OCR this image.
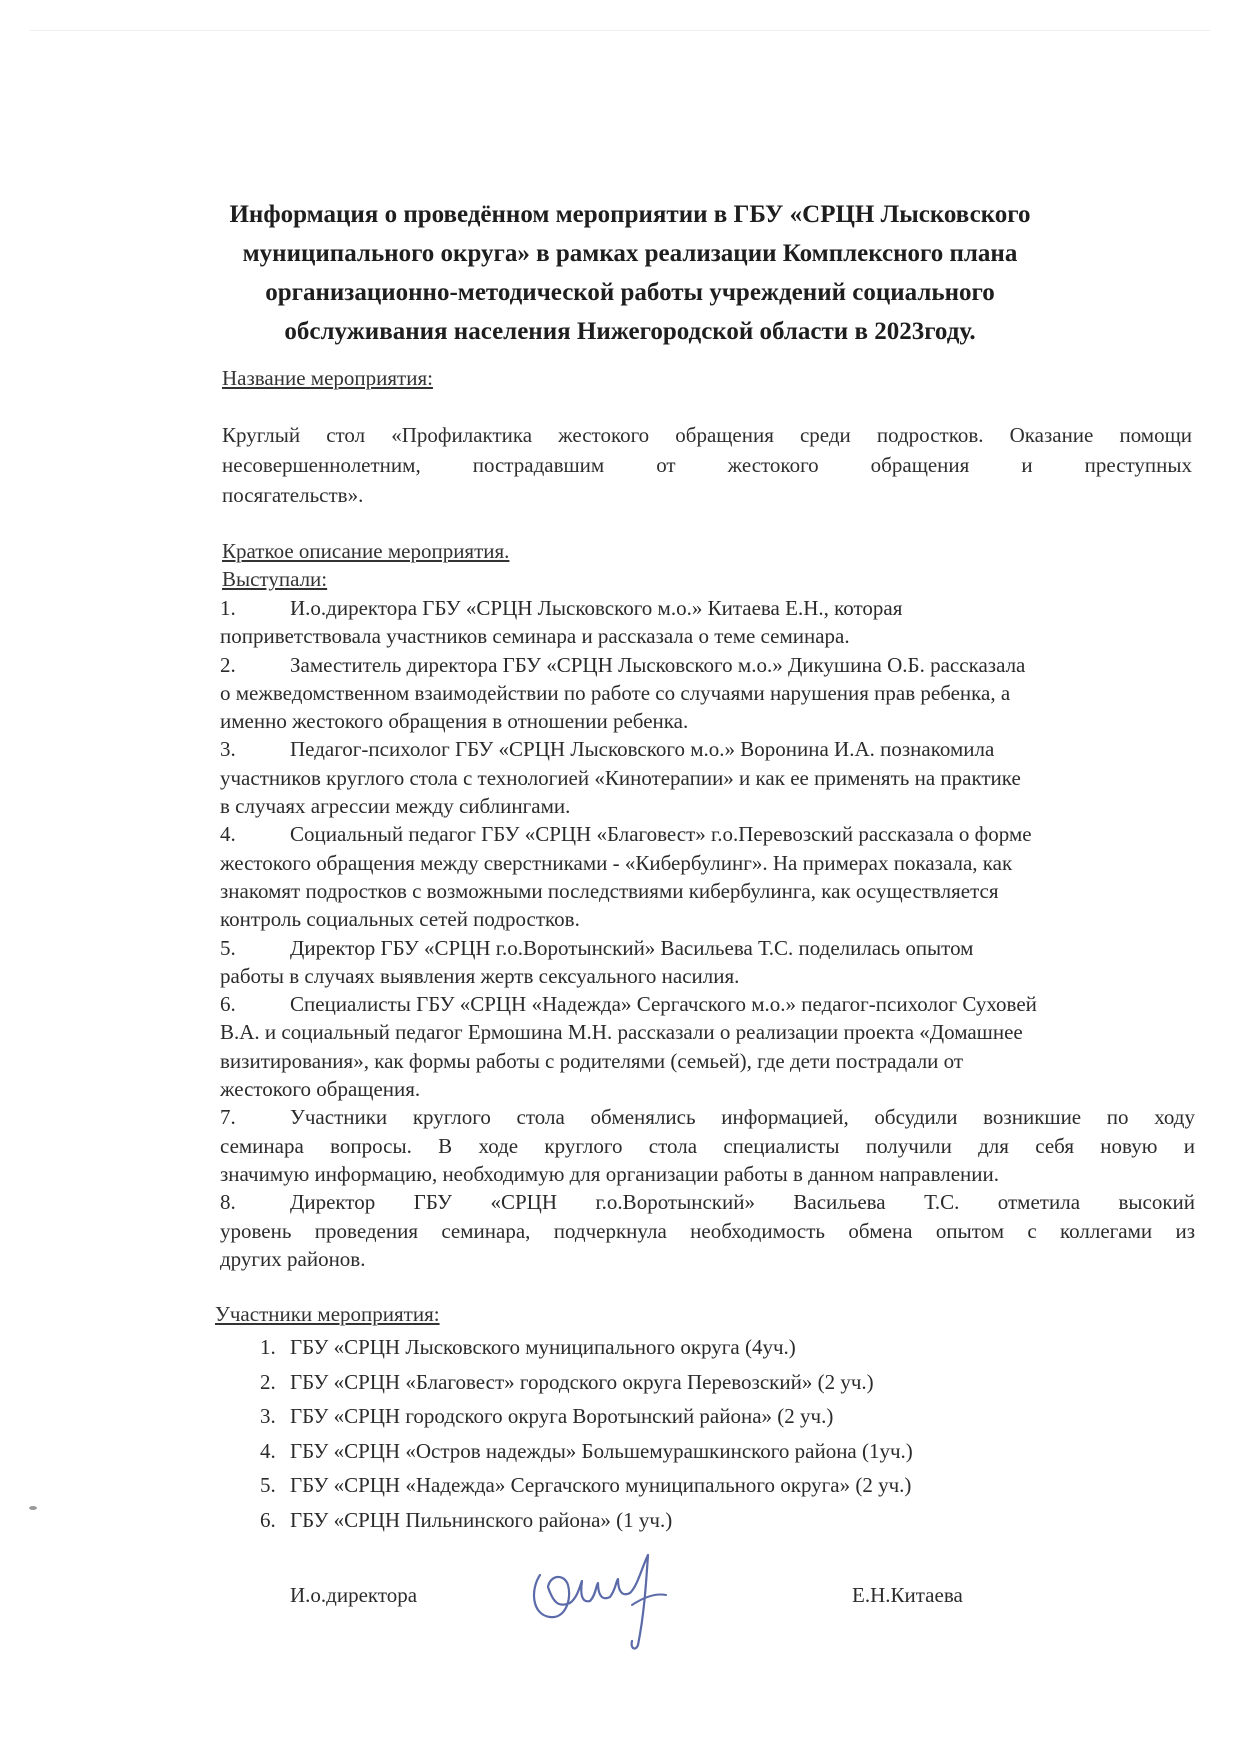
Информация о проведённом мероприятии в ГБУ «СРЦН Лысковского
муниципального округа» в рамках реализации Комплексного плана
организационно-методической работы учреждений социального
обслуживания населения Нижегородской области в 2023году.
Название мероприятия:
Круглый стол «Профилактика жестокого обращения среди подростков. Оказание помощи
несовершеннолетним, пострадавшим от жестокого обращения и преступных
посягательств».
Краткое описание мероприятия.
Выступали:
1.	И.о.директора ГБУ «СРЦН Лысковского м.о.» Китаева Е.Н., которая
поприветствовала участников семинара и рассказала о теме семинара.
2.	Заместитель директора ГБУ «СРЦН Лысковского м.о.» Дикушина О.Б. рассказала
о межведомственном взаимодействии по работе со случаями нарушения прав ребенка, а
именно жестокого обращения в отношении ребенка.
3.	Педагог-психолог ГБУ «СРЦН Лысковского м.о.» Воронина И.А. познакомила
участников круглого стола с технологией «Кинотерапии» и как ее применять на практике
в случаях агрессии между сиблингами.
4.	Социальный педагог ГБУ «СРЦН «Благовест» г.о.Перевозский рассказала о форме
жестокого обращения между сверстниками - «Кибербулинг». На примерах показала, как
знакомят подростков с возможными последствиями кибербулинга, как осуществляется
контроль социальных сетей подростков.
5.	Директор ГБУ «СРЦН г.о.Воротынский» Васильева Т.С. поделилась опытом
работы в случаях выявления жертв сексуального насилия.
6.	Специалисты ГБУ «СРЦН «Надежда» Сергачского м.о.» педагог-психолог Суховей
В.А. и социальный педагог Ермошина М.Н. рассказали о реализации проекта «Домашнее
визитирования», как формы работы с родителями (семьей), где дети пострадали от
жестокого обращения.
7.	Участники круглого стола обменялись информацией, обсудили возникшие по ходу
семинара вопросы. В ходе круглого стола специалисты получили для себя новую и
значимую информацию, необходимую для организации работы в данном направлении.
8.	Директор ГБУ «СРЦН г.о.Воротынский» Васильева Т.С. отметила высокий
уровень проведения семинара, подчеркнула необходимость обмена опытом с коллегами из
других районов.
Участники мероприятия:
1. ГБУ «СРЦН Лысковского муниципального округа (4уч.)
2. ГБУ «СРЦН «Благовест» городского округа Перевозский» (2 уч.)
3. ГБУ «СРЦН городского округа Воротынский района» (2 уч.)
4. ГБУ «СРЦН «Остров надежды» Большемурашкинского района (1уч.)
5. ГБУ «СРЦН «Надежда» Сергачского муниципального округа» (2 уч.)
6. ГБУ «СРЦН Пильнинского района» (1 уч.)
И.о.директора	Е.Н.Китаева
